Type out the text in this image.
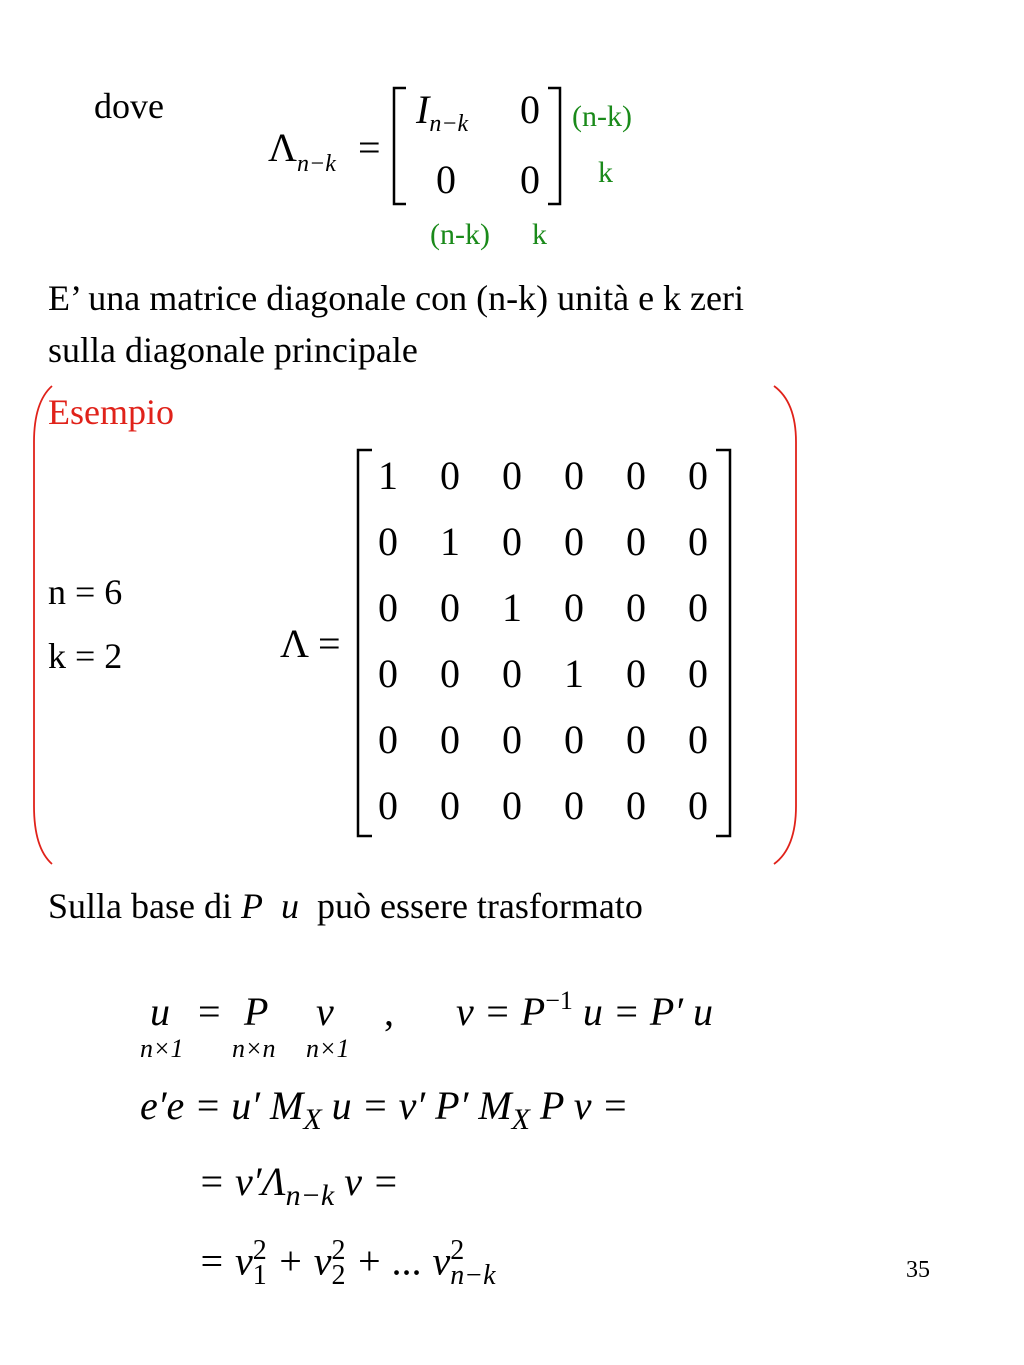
dove
Λn−k =
$I_{n-k}$ 0
0 0
(n-k)
k
(n-k) k
E’ una matrice diagonale con (n-k) unità e k zeri
sulla diagonale principale
Esempio
n = 6
k = 2	Λ =
1 0 0 0 0 0
0 1 0 0 0 0
0 0 1 0 0 0
0 0 0 1 0 0
0 0 0 0 0 0
0 0 0 0 0 0
Sulla base di P u può essere trasformato
u = P v ,
n×1 n×n n×1
$v = P^{-1}$ u = P′ u
e′e = u′ $M_X$ u = v′ P′ $M_X$ P v =
= $v'\Lambda_{n-k}$ v =
= v 2
1 + v 2
2 + ... v 2
n−k	35
